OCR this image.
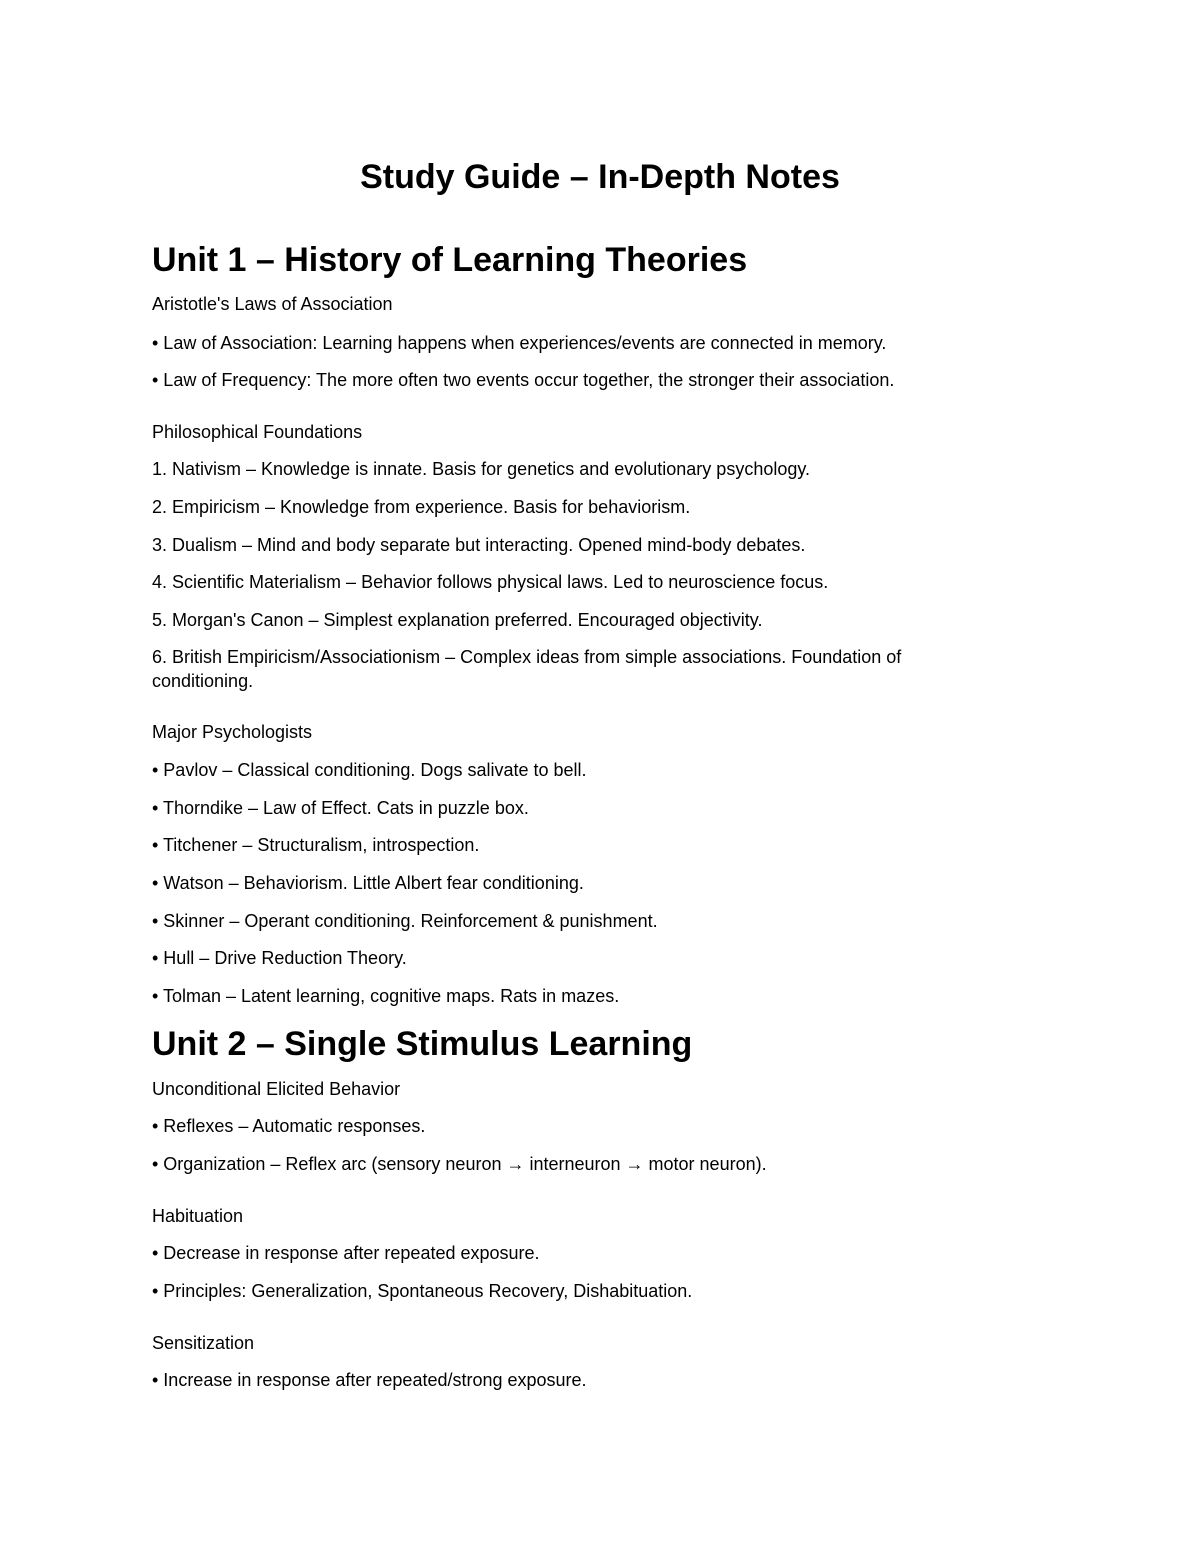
Study Guide – In-Depth Notes
Unit 1 – History of Learning Theories

Aristotle's Laws of Association

• Law of Association: Learning happens when experiences/events are connected in memory.

• Law of Frequency: The more often two events occur together, the stronger their association.

Philosophical Foundations

1. Nativism – Knowledge is innate. Basis for genetics and evolutionary psychology.

2. Empiricism – Knowledge from experience. Basis for behaviorism.

3. Dualism – Mind and body separate but interacting. Opened mind-body debates.

4. Scientific Materialism – Behavior follows physical laws. Led to neuroscience focus.

5. Morgan's Canon – Simplest explanation preferred. Encouraged objectivity.

6. British Empiricism/Associationism – Complex ideas from simple associations. Foundation of conditioning.

Major Psychologists

• Pavlov – Classical conditioning. Dogs salivate to bell.

• Thorndike – Law of Effect. Cats in puzzle box.

• Titchener – Structuralism, introspection.

• Watson – Behaviorism. Little Albert fear conditioning.

• Skinner – Operant conditioning. Reinforcement & punishment.

• Hull – Drive Reduction Theory.

• Tolman – Latent learning, cognitive maps. Rats in mazes.

Unit 2 – Single Stimulus Learning

Unconditional Elicited Behavior

• Reflexes – Automatic responses.

• Organization – Reflex arc (sensory neuron → interneuron → motor neuron).

Habituation

• Decrease in response after repeated exposure.

• Principles: Generalization, Spontaneous Recovery, Dishabituation.

Sensitization

• Increase in response after repeated/strong exposure.
